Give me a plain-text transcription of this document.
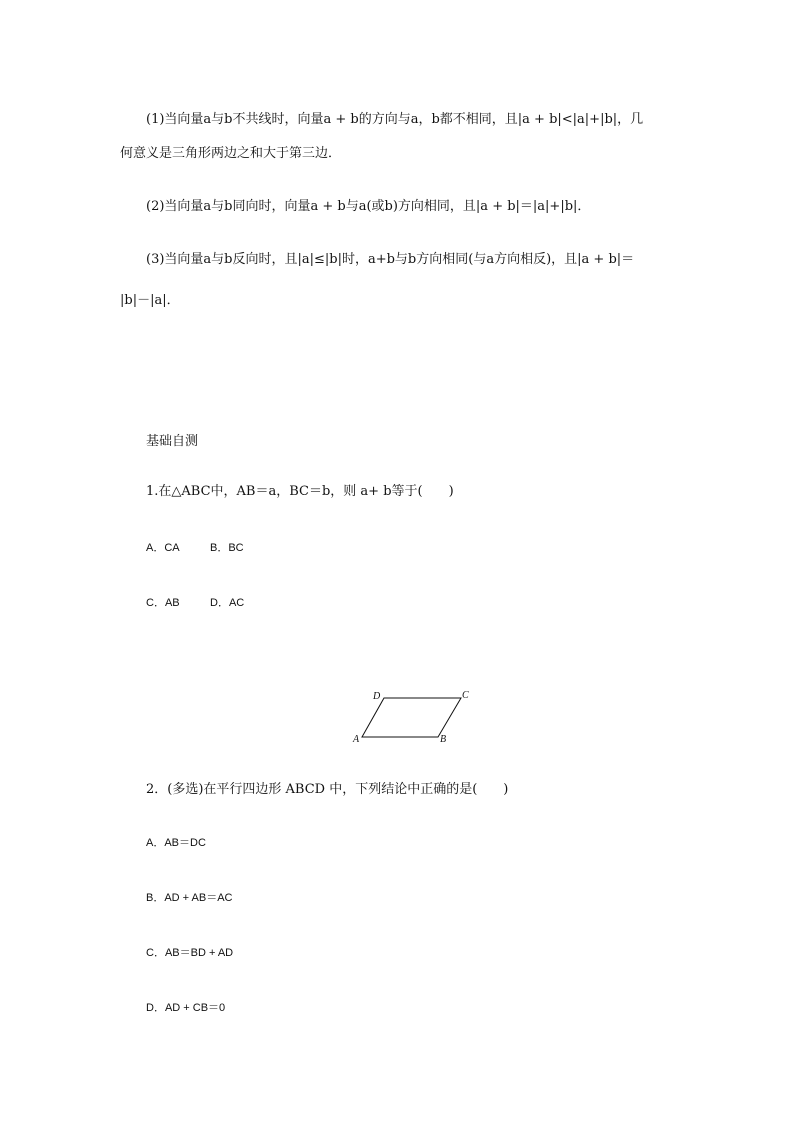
(1)当向量a与b不共线时，向量a + b的方向与a，b都不相同，且|a + b|<|a|+|b|，几
何意义是三角形两边之和大于第三边．
(2)当向量a与b同向时，向量a + b与a(或b)方向相同，且|a + b|＝|a|+|b|．
(3)当向量a与b反向时，且|a|≤|b|时，a+b与b方向相同(与a方向相反)，且|a + b|＝
|b|－|a|．
基础自测
1.在△ABC中，AB＝a，BC＝b，则 a+ b等于(　　)
A．CA	B．BC
C．AB	D．AC
A	B
C
D
2．(多选)在平行四边形 ABCD 中，下列结论中正确的是(　　)
A．AB＝DC
B．AD + AB＝AC
C．AB＝BD + AD
D．AD + CB＝0
